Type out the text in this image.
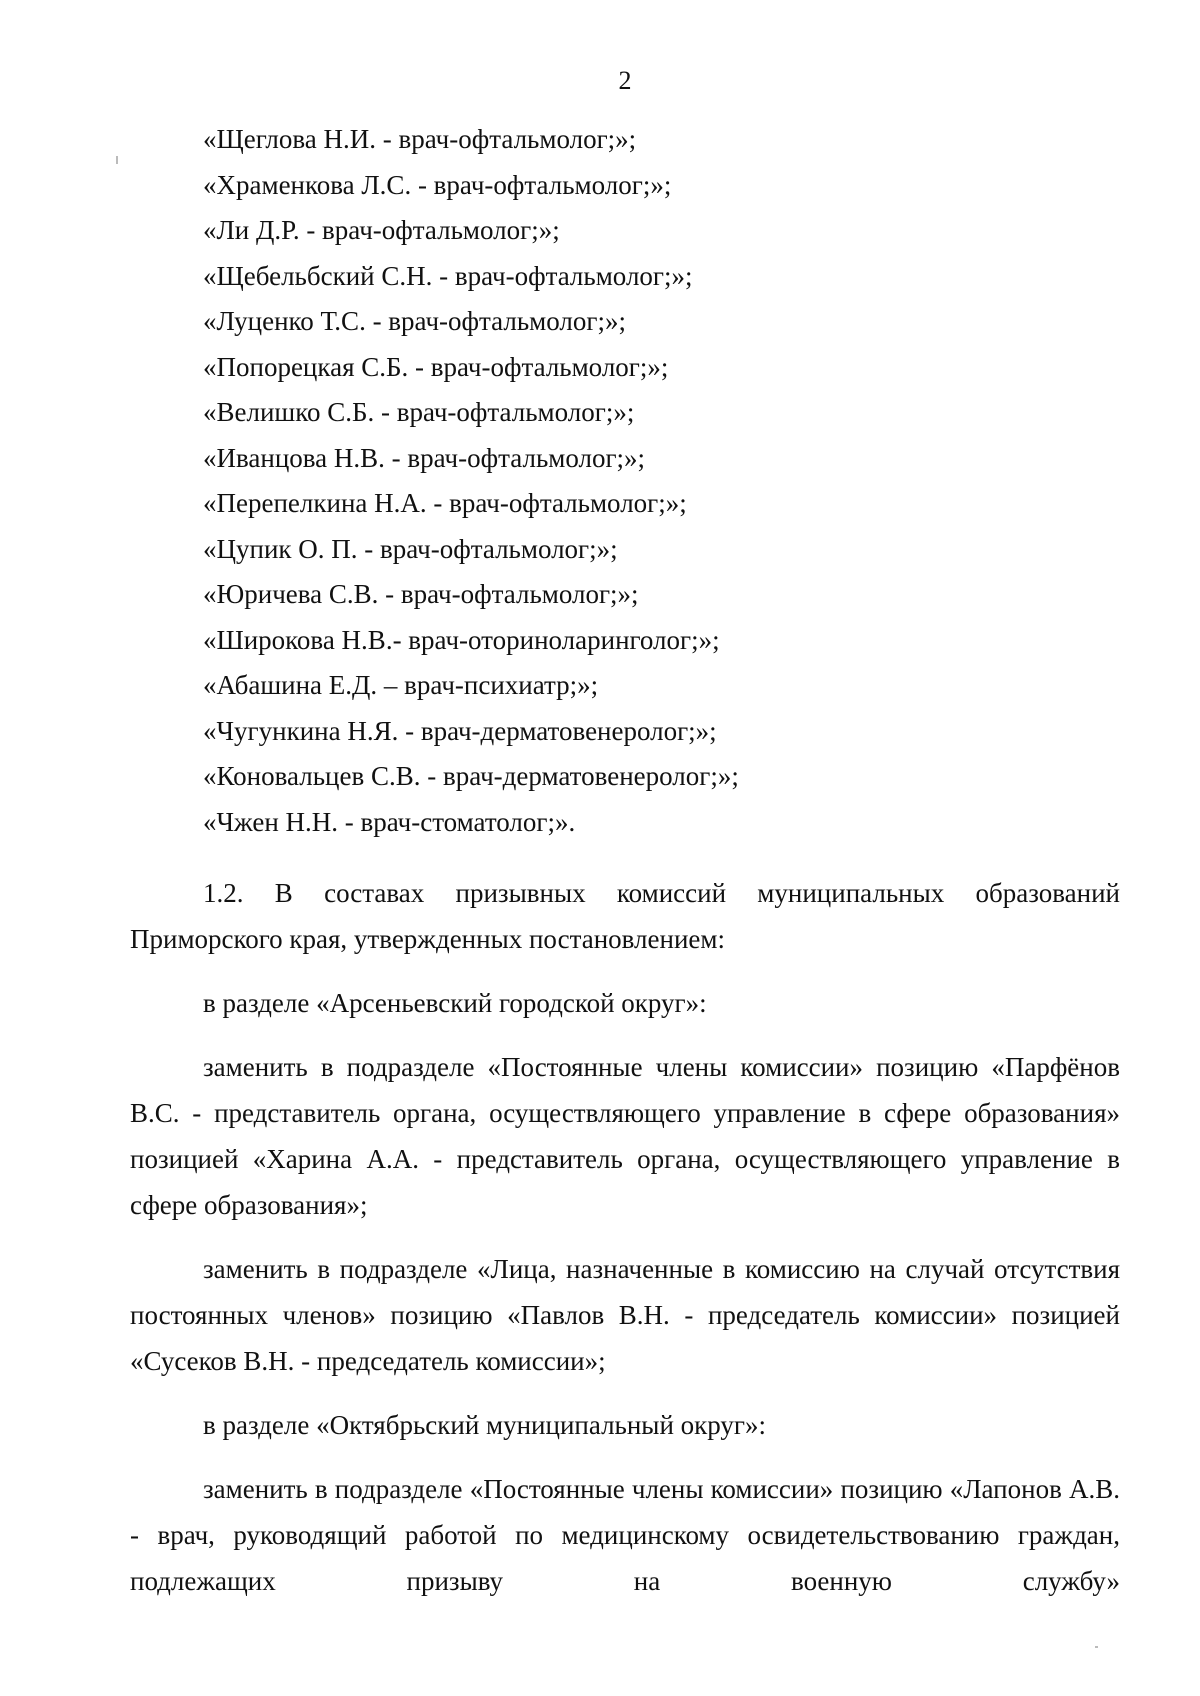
2
«Щеглова Н.И. - врач-офтальмолог;»;
«Храменкова Л.С. - врач-офтальмолог;»;
«Ли Д.Р. - врач-офтальмолог;»;
«Щебельбский С.Н. - врач-офтальмолог;»;
«Луценко Т.С. - врач-офтальмолог;»;
«Попорецкая С.Б. - врач-офтальмолог;»;
«Велишко С.Б. - врач-офтальмолог;»;
«Иванцова Н.В. - врач-офтальмолог;»;
«Перепелкина Н.А. - врач-офтальмолог;»;
«Цупик О. П. - врач-офтальмолог;»;
«Юричева С.В. - врач-офтальмолог;»;
«Широкова Н.В.- врач-оториноларинголог;»;
«Абашина Е.Д. – врач-психиатр;»;
«Чугункина Н.Я. - врач-дерматовенеролог;»;
«Коновальцев С.В. - врач-дерматовенеролог;»;
«Чжен Н.Н. - врач-стоматолог;».

1.2. В составах призывных комиссий муниципальных образований Приморского края, утвержденных постановлением:

в разделе «Арсеньевский городской округ»:

заменить в подразделе «Постоянные члены комиссии» позицию «Парфёнов В.С. - представитель органа, осуществляющего управление в сфере образования» позицией «Харина А.А. - представитель органа, осуществляющего управление в сфере образования»;

заменить в подразделе «Лица, назначенные в комиссию на случай отсутствия постоянных членов» позицию «Павлов В.Н. - председатель комиссии» позицией «Сусеков В.Н. - председатель комиссии»;

в разделе «Октябрьский муниципальный округ»:

заменить в подразделе «Постоянные члены комиссии» позицию «Лапонов А.В. - врач, руководящий работой по медицинскому освидетельствованию граждан, подлежащих призыву на военную службу»
